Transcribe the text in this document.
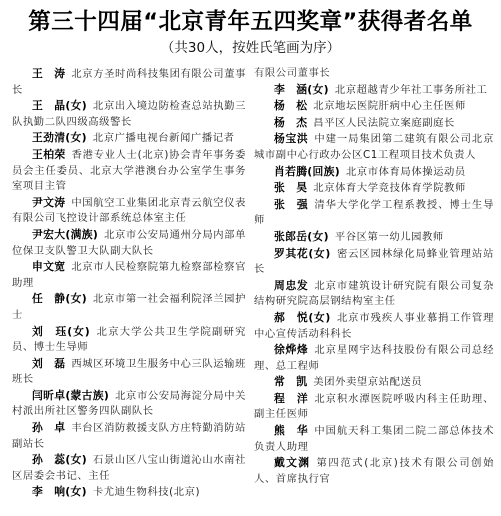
第三十四届“北京青年五四奖章”获得者名单
（共30人，按姓氏笔画为序）
王　涛 北京方圣时尚科技集团有限公司董事长
王　晶(女) 北京出入境边防检查总站执勤三队执勤二队四级高级警长
王劲清(女) 北京广播电视台新闻广播记者
王柏荣 香港专业人士(北京)协会青年事务委员会主任委员、北京大学港澳台办公室学生事务室项目主管
尹文涛 中国航空工业集团北京青云航空仪表有限公司飞控设计部系统总体室主任
尹宏大(满族) 北京市公安局通州分局内部单位保卫支队警卫大队副大队长
申文宽 北京市人民检察院第九检察部检察官助理
任　静(女) 北京市第一社会福利院泽兰园护士
刘　珏(女) 北京大学公共卫生学院副研究员、博士生导师
刘　磊 西城区环境卫生服务中心三队运输班班长
闫昕卓(蒙古族) 北京市公安局海淀分局中关村派出所社区警务四队副队长
孙　卓 丰台区消防救援支队方庄特勤消防站副站长
孙　蕊(女) 石景山区八宝山街道沁山水南社区居委会书记、主任
李　响(女) 卡尤迪生物科技(北京)
有限公司董事长
李　涵(女) 北京超越青少年社工事务所社工
杨　松 北京地坛医院肝病中心主任医师
杨　杰 昌平区人民法院立案庭副庭长
杨宝洪 中建一局集团第二建筑有限公司北京城市副中心行政办公区C1工程项目技术负责人
肖若腾(回族) 北京市体育局体操运动员
张　昊 北京体育大学竞技体育学院教师
张　强 清华大学化学工程系教授、博士生导师
张郎岳(女) 平谷区第一幼儿园教师
罗其花(女) 密云区园林绿化局蜂业管理站站长
周忠发 北京市建筑设计研究院有限公司复杂结构研究院高层钢结构室主任
郝　悦(女) 北京市残疾人事业慕捐工作管理中心宣传活动科科长
徐烨烽 北京星网宇达科技股份有限公司总经理、总工程师
常　凯 美团外卖望京站配送员
程　洋 北京积水潭医院呼吸内科主任助理、副主任医师
熊　华 中国航天科工集团二院二部总体技术负责人助理
戴文渊 第四范式(北京)技术有限公司创始人、首席执行官
